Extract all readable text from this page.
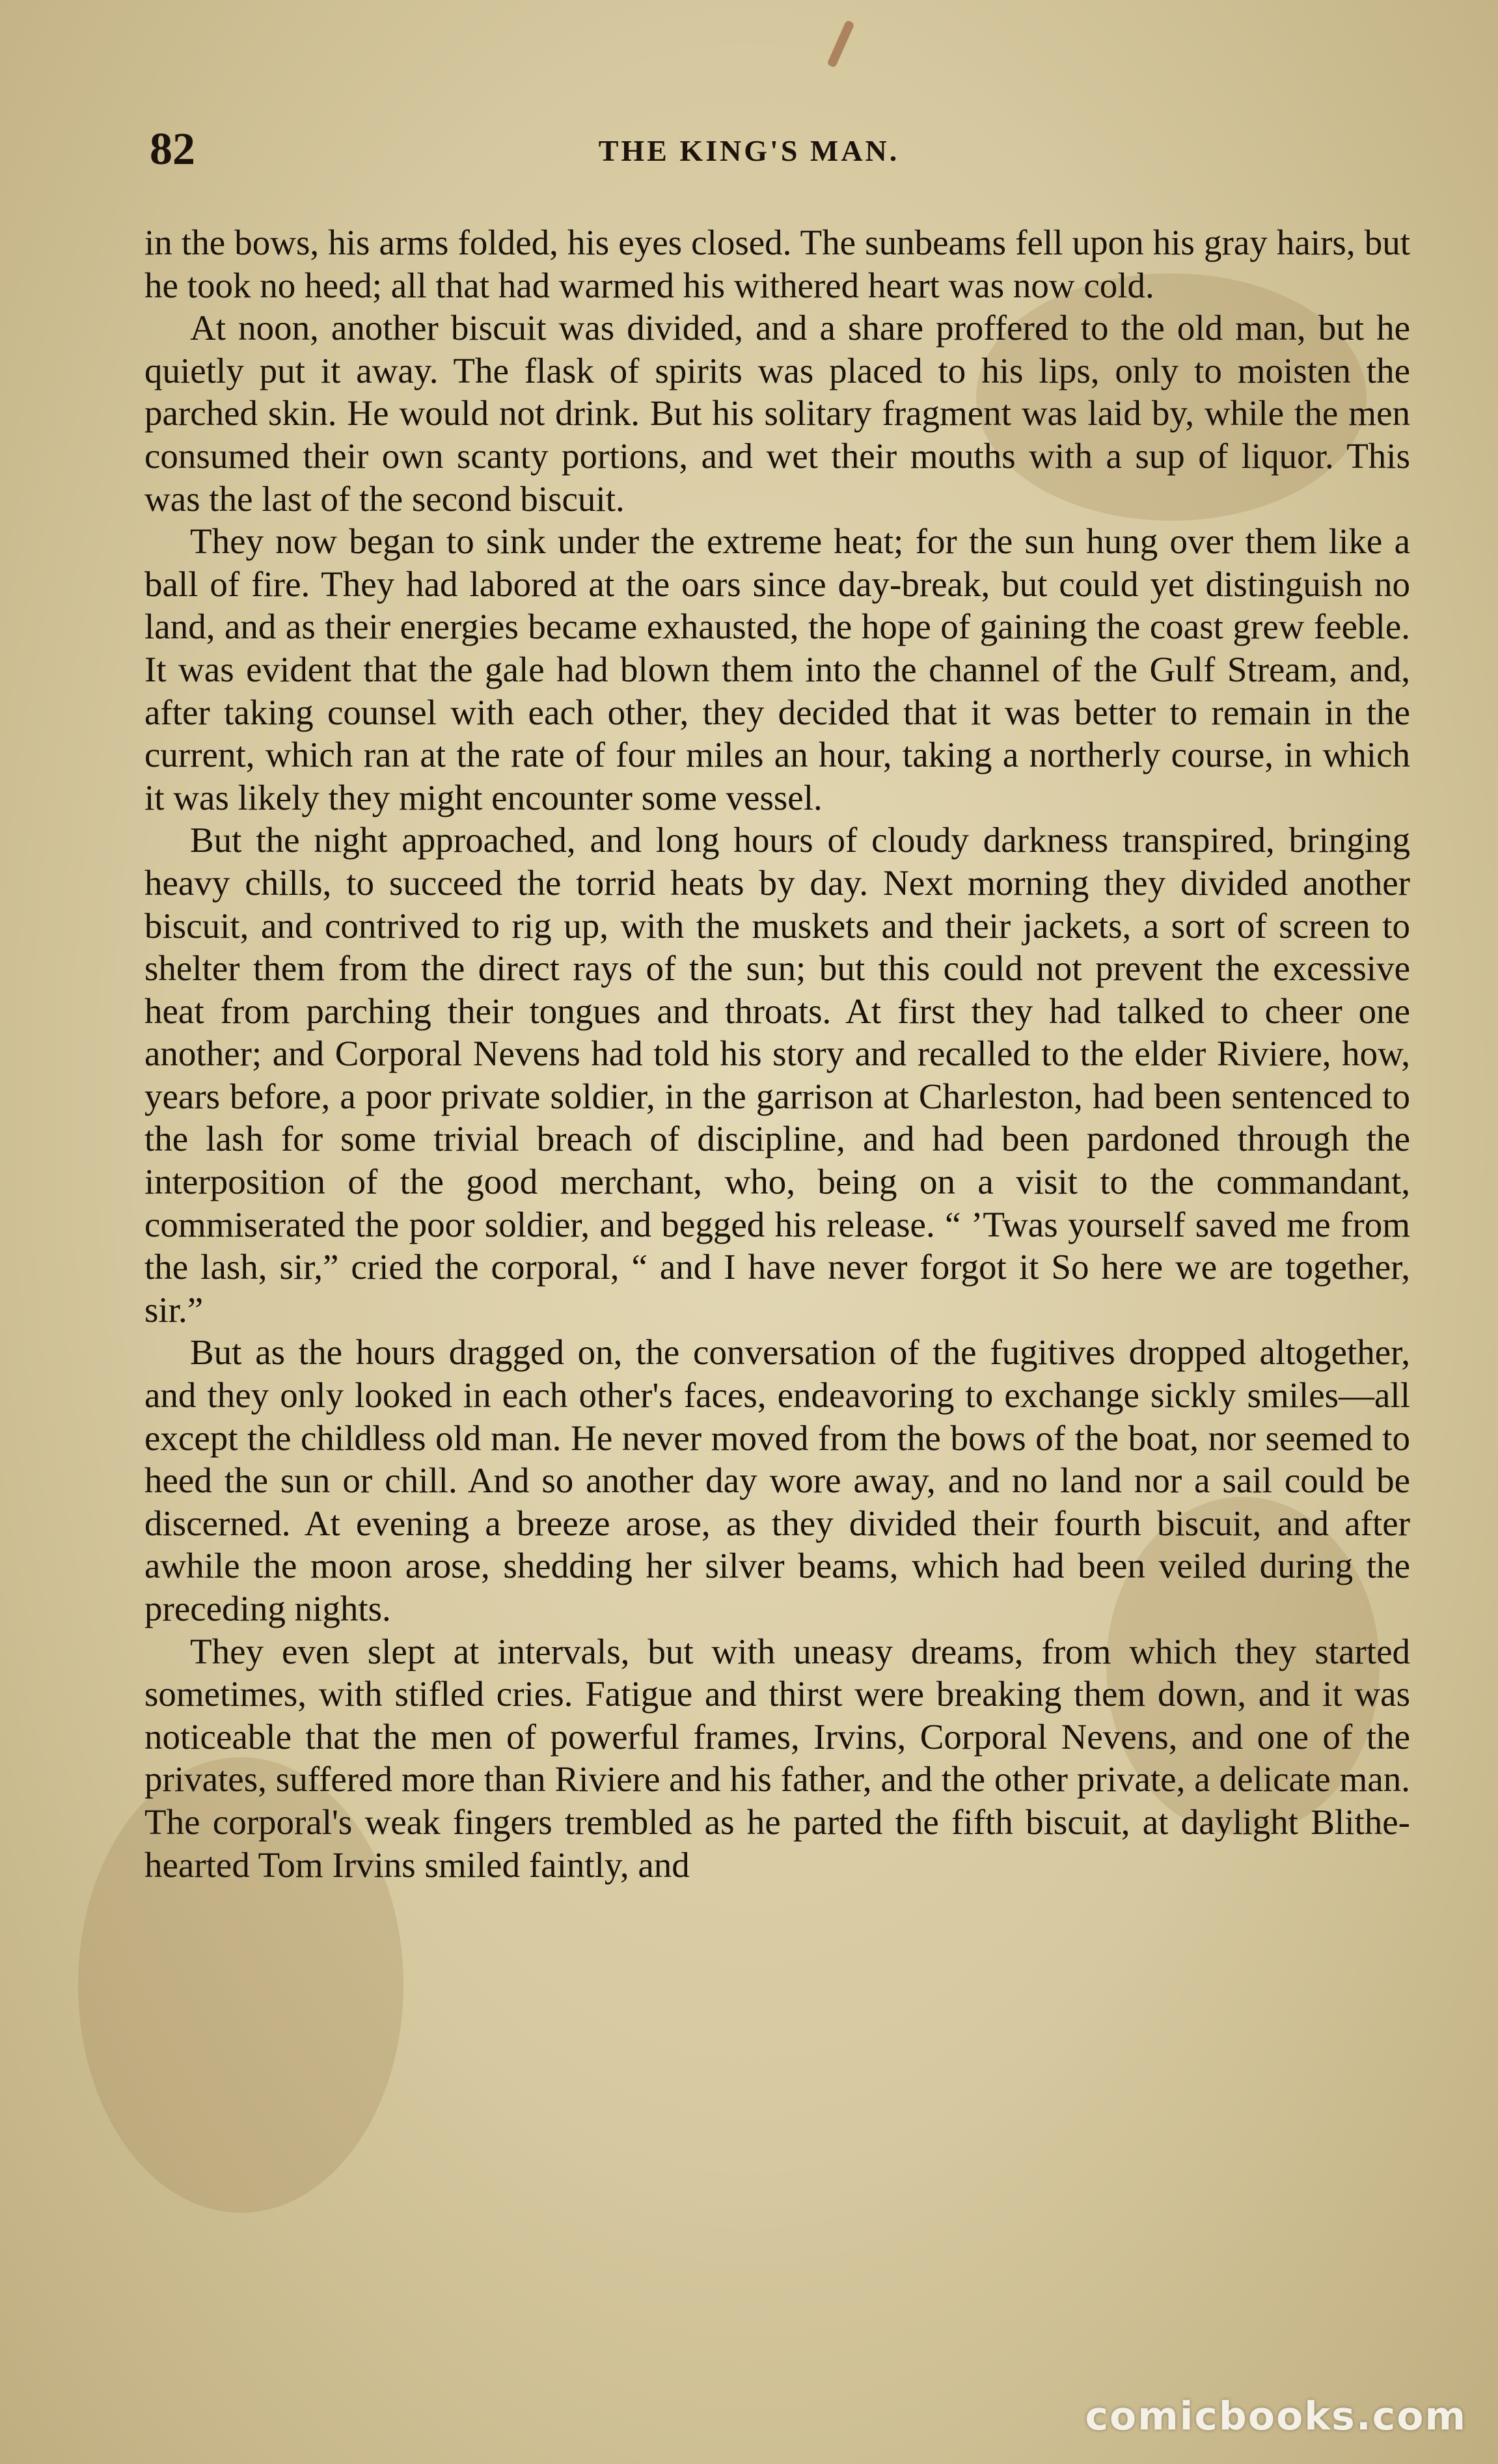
82	THE KING'S MAN.

in the bows, his arms folded, his eyes closed. The sunbeams fell upon his gray hairs, but he took no heed; all that had warmed his withered heart was now cold.

At noon, another biscuit was divided, and a share proffered to the old man, but he quietly put it away. The flask of spirits was placed to his lips, only to moisten the parched skin. He would not drink. But his solitary fragment was laid by, while the men consumed their own scanty portions, and wet their mouths with a sup of liquor. This was the last of the second biscuit.

They now began to sink under the extreme heat; for the sun hung over them like a ball of fire. They had labored at the oars since day-break, but could yet distinguish no land, and as their energies became exhausted, the hope of gaining the coast grew feeble. It was evident that the gale had blown them into the channel of the Gulf Stream, and, after taking counsel with each other, they decided that it was better to remain in the current, which ran at the rate of four miles an hour, taking a northerly course, in which it was likely they might encounter some vessel.

But the night approached, and long hours of cloudy darkness transpired, bringing heavy chills, to succeed the torrid heats by day. Next morning they divided another biscuit, and contrived to rig up, with the muskets and their jackets, a sort of screen to shelter them from the direct rays of the sun; but this could not prevent the excessive heat from parching their tongues and throats. At first they had talked to cheer one another; and Corporal Nevens had told his story and recalled to the elder Riviere, how, years before, a poor private soldier, in the garrison at Charleston, had been sentenced to the lash for some trivial breach of discipline, and had been pardoned through the interposition of the good merchant, who, being on a visit to the commandant, commiserated the poor soldier, and begged his release. “ ’Twas yourself saved me from the lash, sir,” cried the corporal, “ and I have never forgot it So here we are together, sir.”

But as the hours dragged on, the conversation of the fugitives dropped altogether, and they only looked in each other's faces, endeavoring to exchange sickly smiles—all except the childless old man. He never moved from the bows of the boat, nor seemed to heed the sun or chill. And so another day wore away, and no land nor a sail could be discerned. At evening a breeze arose, as they divided their fourth biscuit, and after awhile the moon arose, shedding her silver beams, which had been veiled during the preceding nights.

They even slept at intervals, but with uneasy dreams, from which they started sometimes, with stifled cries. Fatigue and thirst were breaking them down, and it was noticeable that the men of powerful frames, Irvins, Corporal Nevens, and one of the privates, suffered more than Riviere and his father, and the other private, a delicate man. The corporal's weak fingers trembled as he parted the fifth biscuit, at daylight Blithe-hearted Tom Irvins smiled faintly, and

comicbooks.com
